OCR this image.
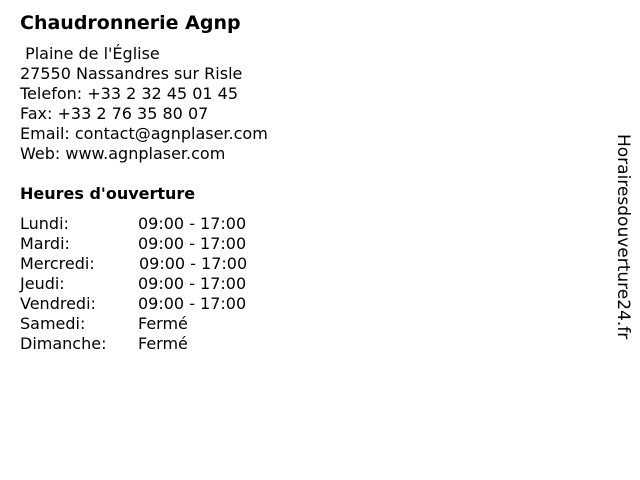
Chaudronnerie Agnp
Plaine de l'Église
27550 Nassandres sur Risle
Telefon: +33 2 32 45 01 45
Fax: +33 2 76 35 80 07
Email: contact@agnplaser.com
Web: www.agnplaser.com
Heures d'ouverture
Lundi:	09:00 - 17:00
Mardi:	09:00 - 17:00
Mercredi:	09:00 - 17:00
Jeudi:	09:00 - 17:00
Vendredi:	09:00 - 17:00
Samedi:	Fermé
Dimanche: Fermé
Horairesdouverture24.fr
